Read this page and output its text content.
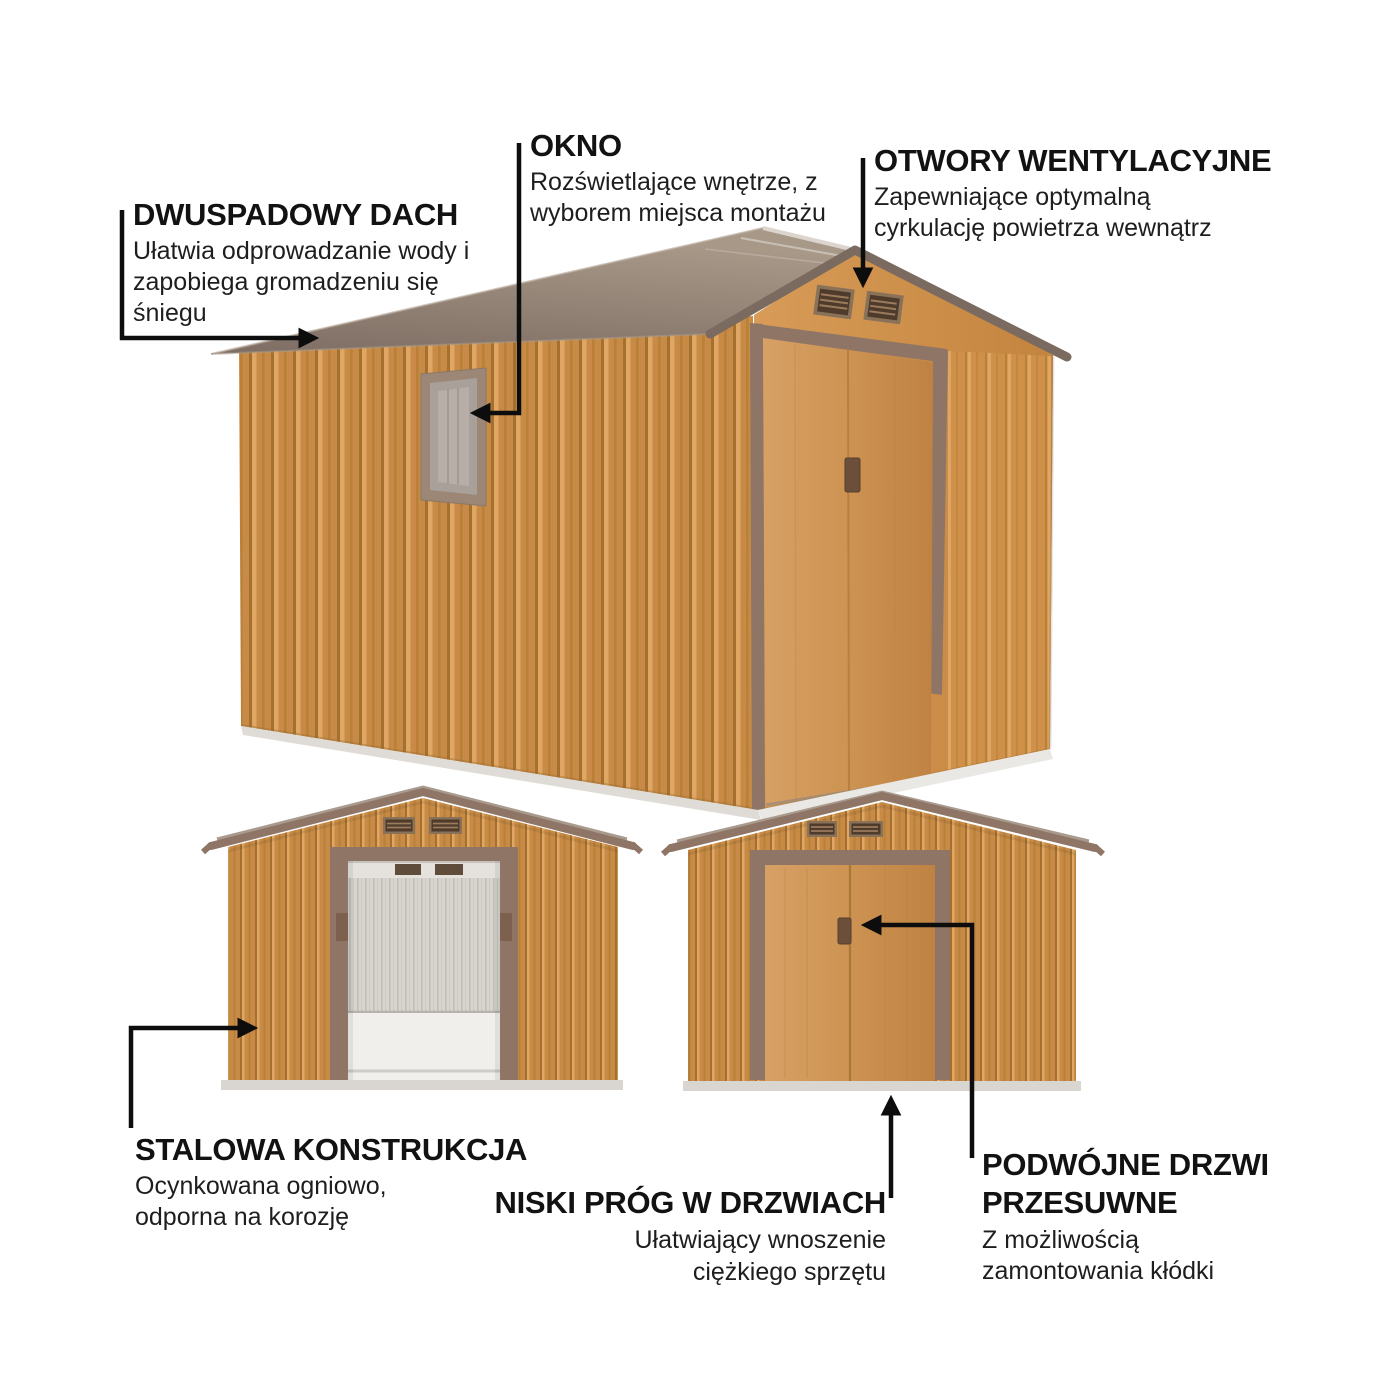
DWUSPADOWY DACH
Ułatwia odprowadzanie wody i
zapobiega gromadzeniu się
śniegu
OKNO
Rozświetlające wnętrze, z
wyborem miejsca montażu
OTWORY WENTYLACYJNE
Zapewniające optymalną
cyrkulację powietrza wewnątrz
STALOWA KONSTRUKCJA
Ocynkowana ogniowo,
odporna na korozję	NISKI PRÓG W DRZWIACH
Ułatwiający wnoszenie
ciężkiego sprzętu
PODWÓJNE DRZWI
PRZESUWNE
Z możliwością
zamontowania kłódki
